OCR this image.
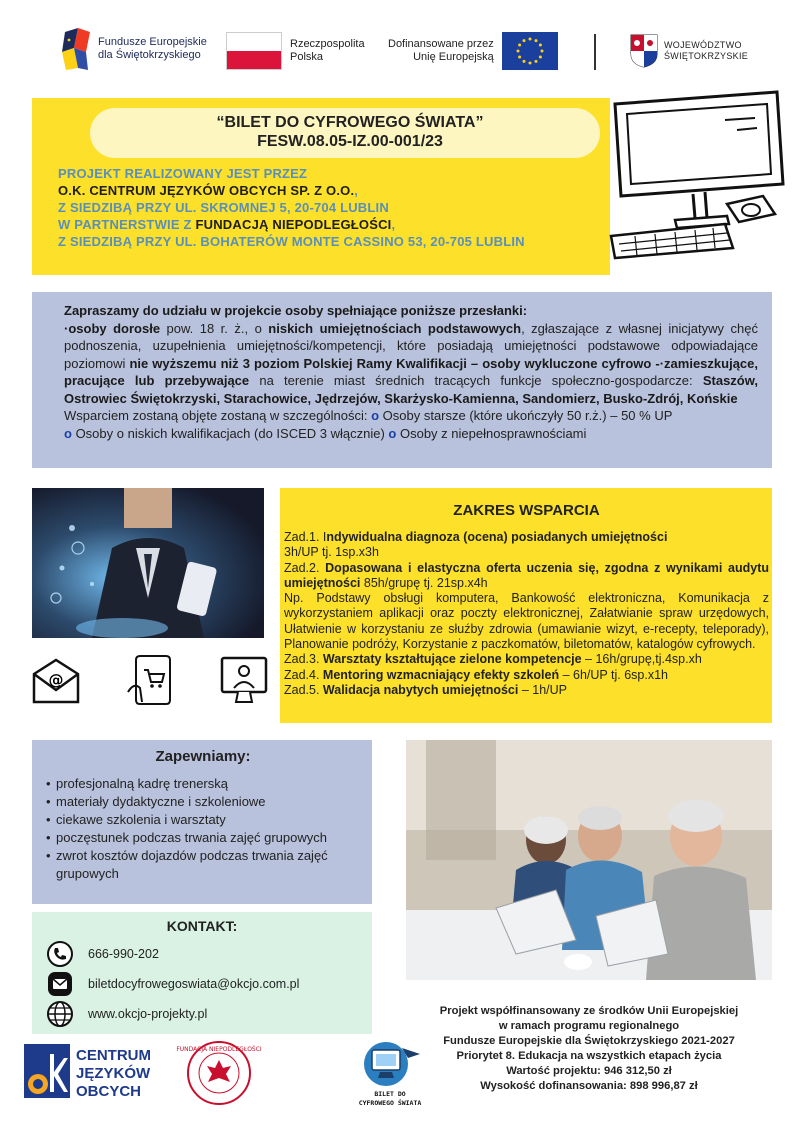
Fundusze Europejskie
dla Świętokrzyskiego
Rzeczpospolita
Polska
Dofinansowane przez
Unię Europejską
WOJEWÓDZTWO
ŚWIĘTOKRZYSKIE
“BILET DO CYFROWEGO ŚWIATA”
FESW.08.05-IZ.00-001/23
PROJEKT REALIZOWANY JEST PRZEZ
O.K. CENTRUM JĘZYKÓW OBCYCH SP. Z O.O.,
Z SIEDZIBĄ PRZY UL. SKROMNEJ 5, 20-704 LUBLIN
W PARTNERSTWIE Z FUNDACJĄ NIEPODLEGŁOŚCI,
Z SIEDZIBĄ PRZY UL. BOHATERÓW MONTE CASSINO 53, 20-705 LUBLIN
Zapraszamy do udziału w projekcie osoby spełniające poniższe przesłanki:
·osoby dorosłe pow. 18 r. ż., o niskich umiejętnościach podstawowych, zgłaszające z własnej inicjatywy chęć podnoszenia, uzupełnienia umiejętności/kompetencji, które posiadają umiejętności podstawowe odpowiadające poziomowi nie wyższemu niż 3 poziom Polskiej Ramy Kwalifikacji – osoby wykluczone cyfrowo -·zamieszkujące, pracujące lub przebywające na terenie miast średnich tracących funkcje społeczno-gospodarcze: Staszów, Ostrowiec Świętokrzyski, Starachowice, Jędrzejów, Skarżysko-Kamienna, Sandomierz, Busko-Zdrój, Końskie
Wsparciem zostaną objęte zostaną w szczególności: o Osoby starsze (które ukończyły 50 r.ż.) – 50 % UP
o Osoby o niskich kwalifikacjach (do ISCED 3 włącznie) o Osoby z niepełnosprawnościami
@
ZAKRES WSPARCIA

Zad.1. Indywidualna diagnoza (ocena) posiadanych umiejętności
3h/UP tj. 1sp.x3h

Zad.2. Dopasowana i elastyczna oferta uczenia się, zgodna z wynikami audytu umiejętności 85h/grupę tj. 21sp.x4h

Np. Podstawy obsługi komputera, Bankowość elektroniczna, Komunikacja z wykorzystaniem aplikacji oraz poczty elektronicznej, Załatwianie spraw urzędowych, Ułatwienie w korzystaniu ze słuźby zdrowia (umawianie wizyt, e-recepty, teleporady), Planowanie podróży, Korzystanie z paczkomatów, biletomatów, katalogów cyfrowych.

Zad.3. Warsztaty kształtujące zielone kompetencje – 16h/grupę,tj.4sp.xh

Zad.4. Mentoring wzmacniający efekty szkoleń – 6h/UP tj. 6sp.x1h

Zad.5. Walidacja nabytych umiejętności – 1h/UP

Zapewniamy:
• profesjonalną kadrę trenerską
• materiały dydaktyczne i szkoleniowe
• ciekawe szkolenia i warsztaty
• poczęstunek podczas trwania zajęć grupowych
• zwrot kosztów dojazdów podczas trwania zajęć grupowych
KONTAKT:
666-990-202
biletdocyfrowegoswiata@okcjo.com.pl
www.okcjo-projekty.pl	Projekt współfinansowany ze środków Unii Europejskiej
w ramach programu regionalnego
Fundusze Europejskie dla Świętokrzyskiego 2021-2027
Priorytet 8. Edukacja na wszystkich etapach życia
Wartość projektu: 946 312,50 zł
Wysokość dofinansowania: 898 996,87 zł
CENTRUM
JĘZYKÓW
OBCYCH
FUNDACJA NIEPODLEGŁOŚCI
BILET DO
CYFROWEGO ŚWIATA
